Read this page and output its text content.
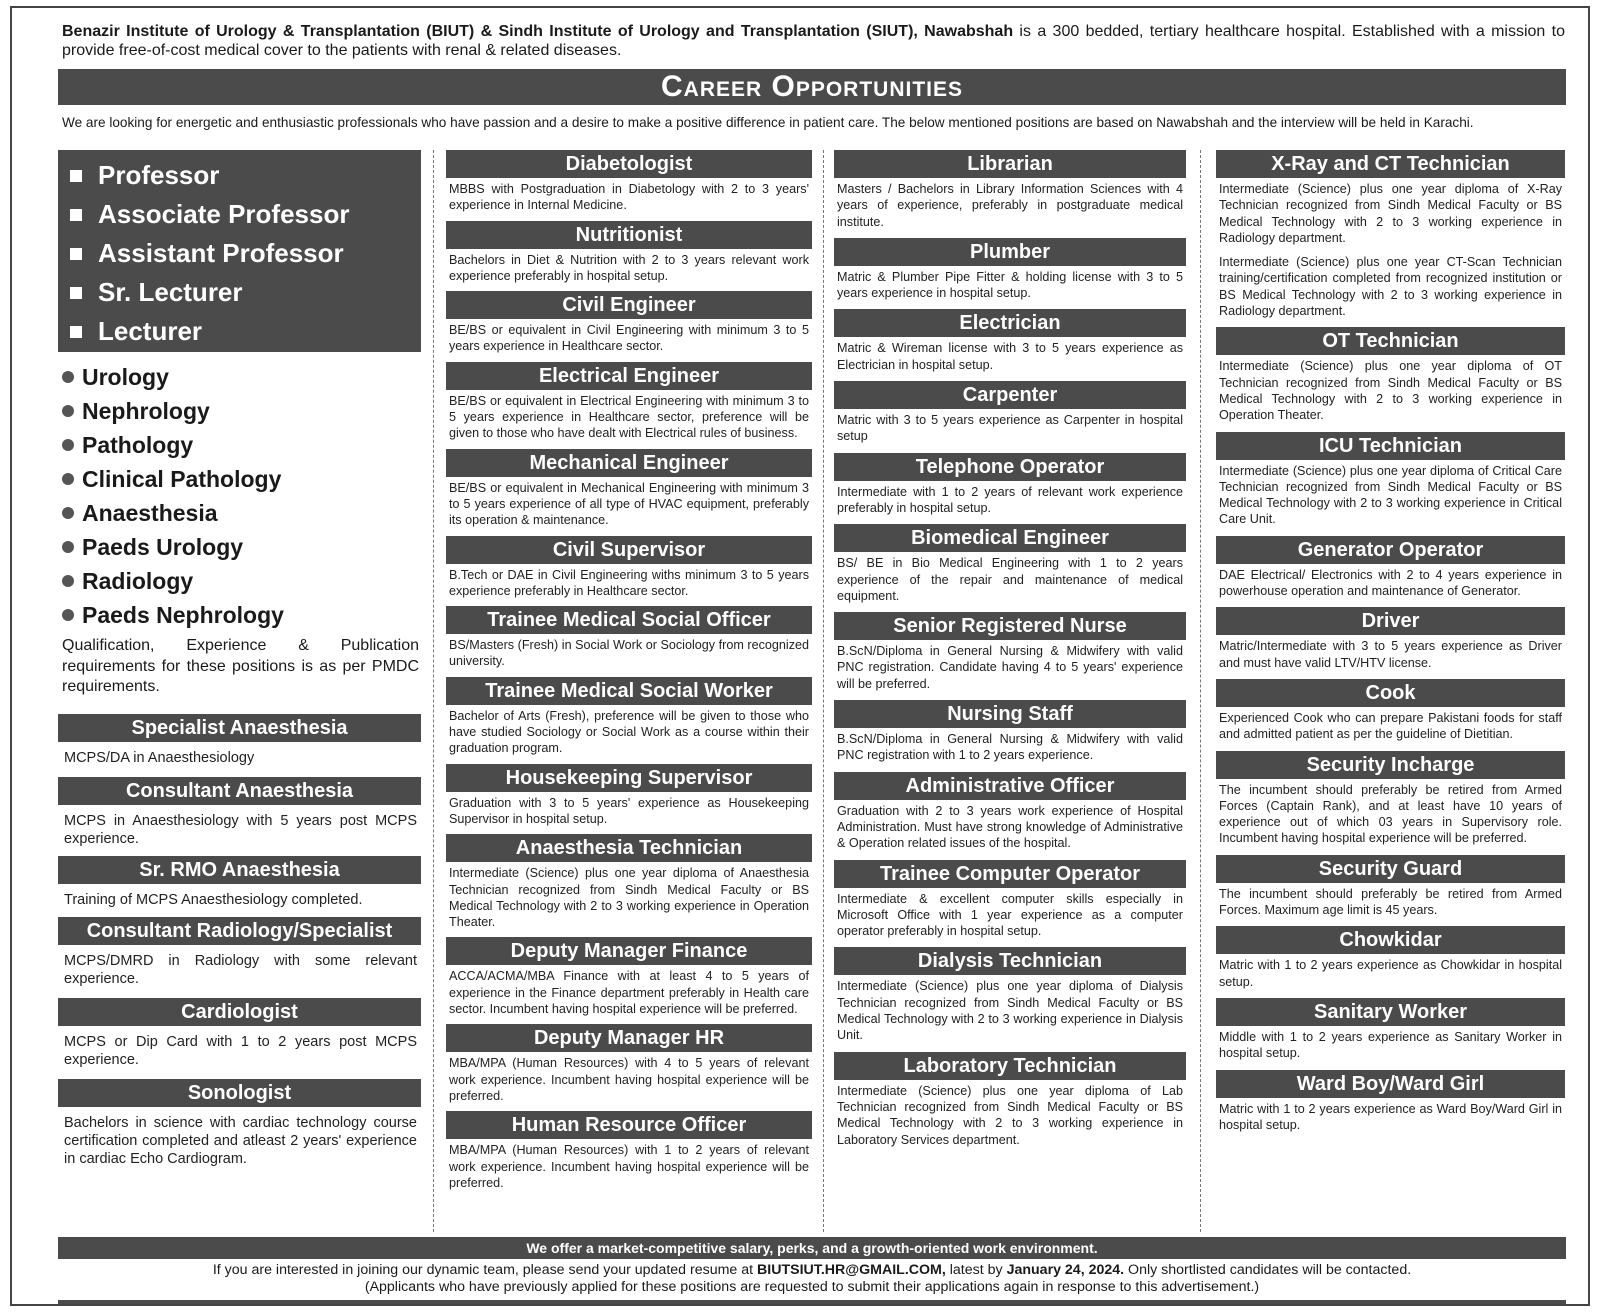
Benazir Institute of Urology & Transplantation (BIUT) & Sindh Institute of Urology and Transplantation (SIUT), Nawabshah is a 300 bedded, tertiary healthcare hospital. Established with a mission to provide free-of-cost medical cover to the patients with renal & related diseases.
Career Opportunities
We are looking for energetic and enthusiastic professionals who have passion and a desire to make a positive difference in patient care. The below mentioned positions are based on Nawabshah and the interview will be held in Karachi.
Professor
Associate Professor
Assistant Professor
Sr. Lecturer
Lecturer
Urology
Nephrology
Pathology
Clinical Pathology
Anaesthesia
Paeds Urology
Radiology
Paeds Nephrology
Qualification, Experience & Publication requirements for these positions is as per PMDC requirements.
Specialist Anaesthesia
MCPS/DA in Anaesthesiology
Consultant Anaesthesia
MCPS in Anaesthesiology with 5 years post MCPS experience.
Sr. RMO Anaesthesia
Training of MCPS Anaesthesiology completed.
Consultant Radiology/Specialist
MCPS/DMRD in Radiology with some relevant experience.
Cardiologist
MCPS or Dip Card with 1 to 2 years post MCPS experience.
Sonologist
Bachelors in science with cardiac technology course certification completed and atleast 2 years' experience in cardiac Echo Cardiogram.
Diabetologist
MBBS with Postgraduation in Diabetology with 2 to 3 years' experience in Internal Medicine.
Nutritionist
Bachelors in Diet & Nutrition with 2 to 3 years relevant work experience preferably in hospital setup.
Civil Engineer
BE/BS or equivalent in Civil Engineering with minimum 3 to 5 years experience in Healthcare sector.
Electrical Engineer
BE/BS or equivalent in Electrical Engineering with minimum 3 to 5 years experience in Healthcare sector, preference will be given to those who have dealt with Electrical rules of business.
Mechanical Engineer
BE/BS or equivalent in Mechanical Engineering with minimum 3 to 5 years experience of all type of HVAC equipment, preferably its operation & maintenance.
Civil Supervisor
B.Tech or DAE in Civil Engineering withs minimum 3 to 5 years experience preferably in Healthcare sector.
Trainee Medical Social Officer
BS/Masters (Fresh) in Social Work or Sociology from recognized university.
Trainee Medical Social Worker
Bachelor of Arts (Fresh), preference will be given to those who have studied Sociology or Social Work as a course within their graduation program.
Housekeeping Supervisor
Graduation with 3 to 5 years' experience as Housekeeping Supervisor in hospital setup.
Anaesthesia Technician
Intermediate (Science) plus one year diploma of Anaesthesia Technician recognized from Sindh Medical Faculty or BS Medical Technology with 2 to 3 working experience in Operation Theater.
Deputy Manager Finance
ACCA/ACMA/MBA Finance with at least 4 to 5 years of experience in the Finance department preferably in Health care sector. Incumbent having hospital experience will be preferred.
Deputy Manager HR
MBA/MPA (Human Resources) with 4 to 5 years of relevant work experience. Incumbent having hospital experience will be preferred.
Human Resource Officer
MBA/MPA (Human Resources) with 1 to 2 years of relevant work experience. Incumbent having hospital experience will be preferred.
Librarian
Masters / Bachelors in Library Information Sciences with 4 years of experience, preferably in postgraduate medical institute.
Plumber
Matric & Plumber Pipe Fitter & holding license with 3 to 5 years experience in hospital setup.
Electrician
Matric & Wireman license with 3 to 5 years experience as Electrician in hospital setup.
Carpenter
Matric with 3 to 5 years experience as Carpenter in hospital setup
Telephone Operator
Intermediate with 1 to 2 years of relevant work experience preferably in hospital setup.
Biomedical Engineer
BS/ BE in Bio Medical Engineering with 1 to 2 years experience of the repair and maintenance of medical equipment.
Senior Registered Nurse
B.ScN/Diploma in General Nursing & Midwifery with valid PNC registration. Candidate having 4 to 5 years' experience will be preferred.
Nursing Staff
B.ScN/Diploma in General Nursing & Midwifery with valid PNC registration with 1 to 2 years experience.
Administrative Officer
Graduation with 2 to 3 years work experience of Hospital Administration. Must have strong knowledge of Administrative & Operation related issues of the hospital.
Trainee Computer Operator
Intermediate & excellent computer skills especially in Microsoft Office with 1 year experience as a computer operator preferably in hospital setup.
Dialysis Technician
Intermediate (Science) plus one year diploma of Dialysis Technician recognized from Sindh Medical Faculty or BS Medical Technology with 2 to 3 working experience in Dialysis Unit.
Laboratory Technician
Intermediate (Science) plus one year diploma of Lab Technician recognized from Sindh Medical Faculty or BS Medical Technology with 2 to 3 working experience in Laboratory Services department.
X-Ray and CT Technician
Intermediate (Science) plus one year diploma of X-Ray Technician recognized from Sindh Medical Faculty or BS Medical Technology with 2 to 3 working experience in Radiology department.
Intermediate (Science) plus one year CT-Scan Technician training/certification completed from recognized institution or BS Medical Technology with 2 to 3 working experience in Radiology department.
OT Technician
Intermediate (Science) plus one year diploma of OT Technician recognized from Sindh Medical Faculty or BS Medical Technology with 2 to 3 working experience in Operation Theater.
ICU Technician
Intermediate (Science) plus one year diploma of Critical Care Technician recognized from Sindh Medical Faculty or BS Medical Technology with 2 to 3 working experience in Critical Care Unit.
Generator Operator
DAE Electrical/ Electronics with 2 to 4 years experience in powerhouse operation and maintenance of Generator.
Driver
Matric/Intermediate with 3 to 5 years experience as Driver and must have valid LTV/HTV license.
Cook
Experienced Cook who can prepare Pakistani foods for staff and admitted patient as per the guideline of Dietitian.
Security Incharge
The incumbent should preferably be retired from Armed Forces (Captain Rank), and at least have 10 years of experience out of which 03 years in Supervisory role. Incumbent having hospital experience will be preferred.
Security Guard
The incumbent should preferably be retired from Armed Forces. Maximum age limit is 45 years.
Chowkidar
Matric with 1 to 2 years experience as Chowkidar in hospital setup.
Sanitary Worker
Middle with 1 to 2 years experience as Sanitary Worker in hospital setup.
Ward Boy/Ward Girl
Matric with 1 to 2 years experience as Ward Boy/Ward Girl in hospital setup.
We offer a market-competitive salary, perks, and a growth-oriented work environment.
If you are interested in joining our dynamic team, please send your updated resume at BIUTSIUT.HR@GMAIL.COM, latest by January 24, 2024. Only shortlisted candidates will be contacted.
(Applicants who have previously applied for these positions are requested to submit their applications again in response to this advertisement.)
